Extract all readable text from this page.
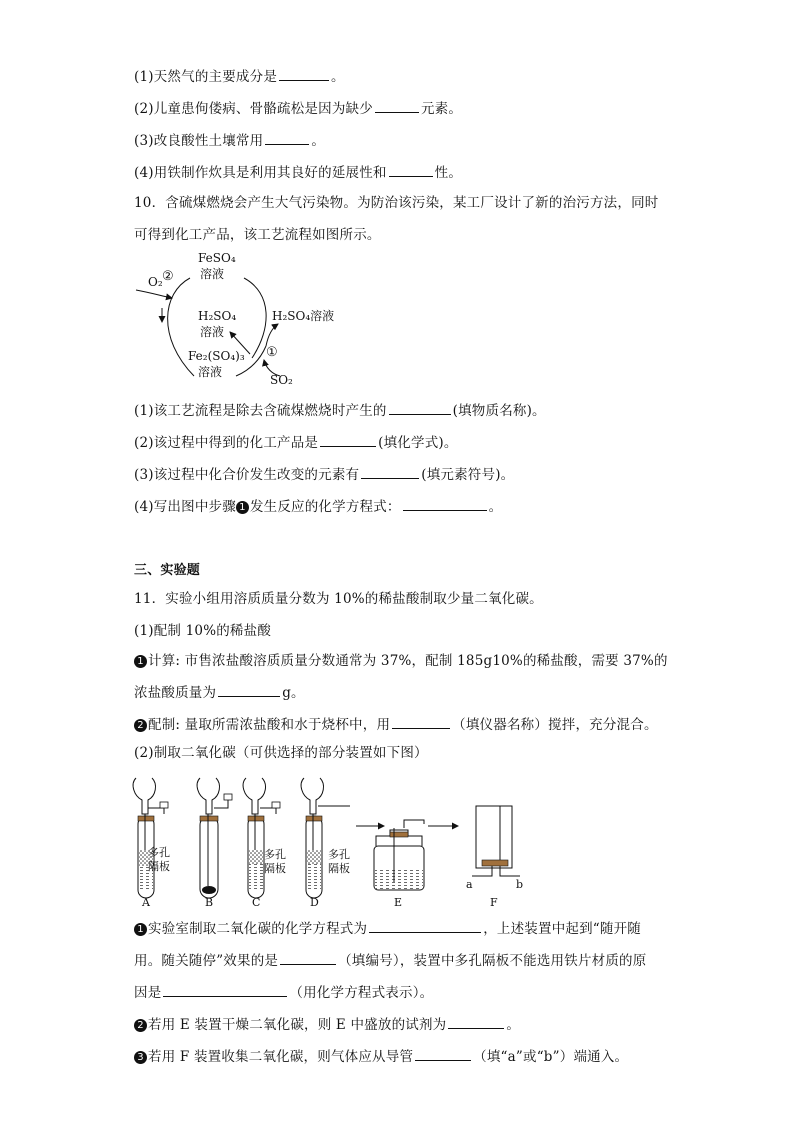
(1)天然气的主要成分是	。
(2)儿童患佝偻病、骨骼疏松是因为缺少	元素。
(3)改良酸性土壤常用	。
(4)用铁制作炊具是利用其良好的延展性和	性。
10．含硫煤燃烧会产生大气污染物。为防治该污染，某工厂设计了新的治污方法，同时
可得到化工产品，该工艺流程如图所示。
FeSO₄
溶液
O₂ ②
H₂SO₄
溶液
H₂SO₄溶液
①
Fe₂(SO₄)₃
溶液
SO₂
(1)该工艺流程是除去含硫煤燃烧时产生的	(填物质名称)。
(2)该过程中得到的化工产品是	(填化学式)。
(3)该过程中化合价发生改变的元素有	(填元素符号)。
(4)写出图中步骤 1 发生反应的化学方程式：	。
三、实验题
11．实验小组用溶质质量分数为 10%的稀盐酸制取少量二氧化碳。
(1)配制 10%的稀盐酸
1 计算: 市售浓盐酸溶质质量分数通常为 37%，配制 185g10%的稀盐酸，需要 37%的
浓盐酸质量为	g。
2 配制: 量取所需浓盐酸和水于烧杯中，用	（填仪器名称）搅拌，充分混合。
(2)制取二氧化碳（可供选择的部分装置如下图）
多孔
隔板
A	B
多孔
隔板
C
多孔
隔板
D	E
a	b
F
1 实验室制取二氧化碳的化学方程式为	，上述装置中起到“随开随
用。随关随停”效果的是	（填编号），装置中多孔隔板不能选用铁片材质的原
因是	（用化学方程式表示）。
2 若用 E 装置干燥二氧化碳，则 E 中盛放的试剂为	。
3 若用 F 装置收集二氧化碳，则气体应从导管	（填“a”或“b”）端通入。
